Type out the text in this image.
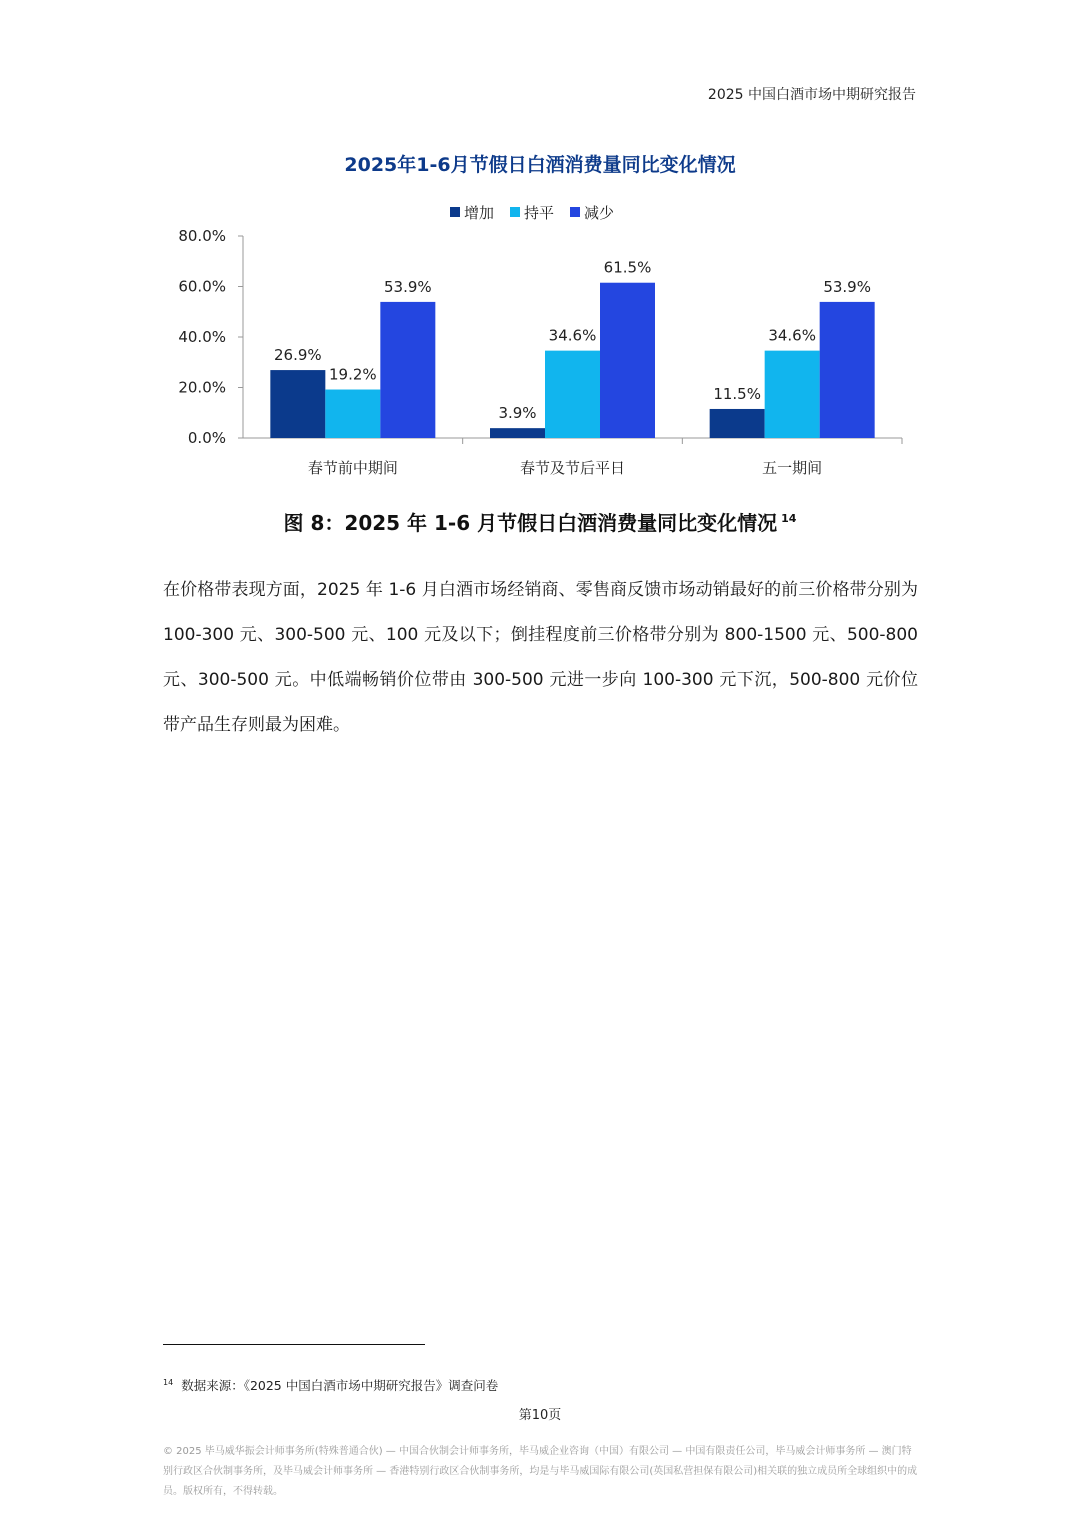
2025 中国白酒市场中期研究报告
2025年1-6月节假日白酒消费量同比变化情况
增加 持平 减少
0.0%
20.0%
40.0%
60.0%
80.0%
春节前中期间	春节及节后平日	五一期间
26.9%
19.2%
53.9%
3.9%
34.6%
61.5%
11.5%
34.6%
53.9%
图 8：2025 年 1-6 月节假日白酒消费量同比变化情况 $^{14}$

在价格带表现方面，2025 年 1-6 月白酒市场经销商、零售商反馈市场动销最好的前三价格带分别为 100-300 元、300-500 元、100 元及以下；倒挂程度前三价格带分别为 800-1500 元、500-800 元、300-500 元。中低端畅销价位带由 300-500 元进一步向 100-300 元下沉，500-800 元价位带产品生存则最为困难。

$^{14}$ 数据来源：《2025 中国白酒市场中期研究报告》调查问卷
第10页

© 2025 毕马威华振会计师事务所(特殊普通合伙) — 中国合伙制会计师事务所，毕马威企业咨询（中国）有限公司 — 中国有限责任公司，毕马威会计师事务所 — 澳门特别行政区合伙制事务所，及毕马威会计师事务所 — 香港特别行政区合伙制事务所，均是与毕马威国际有限公司(英国私营担保有限公司)相关联的独立成员所全球组织中的成员。版权所有，不得转载。
